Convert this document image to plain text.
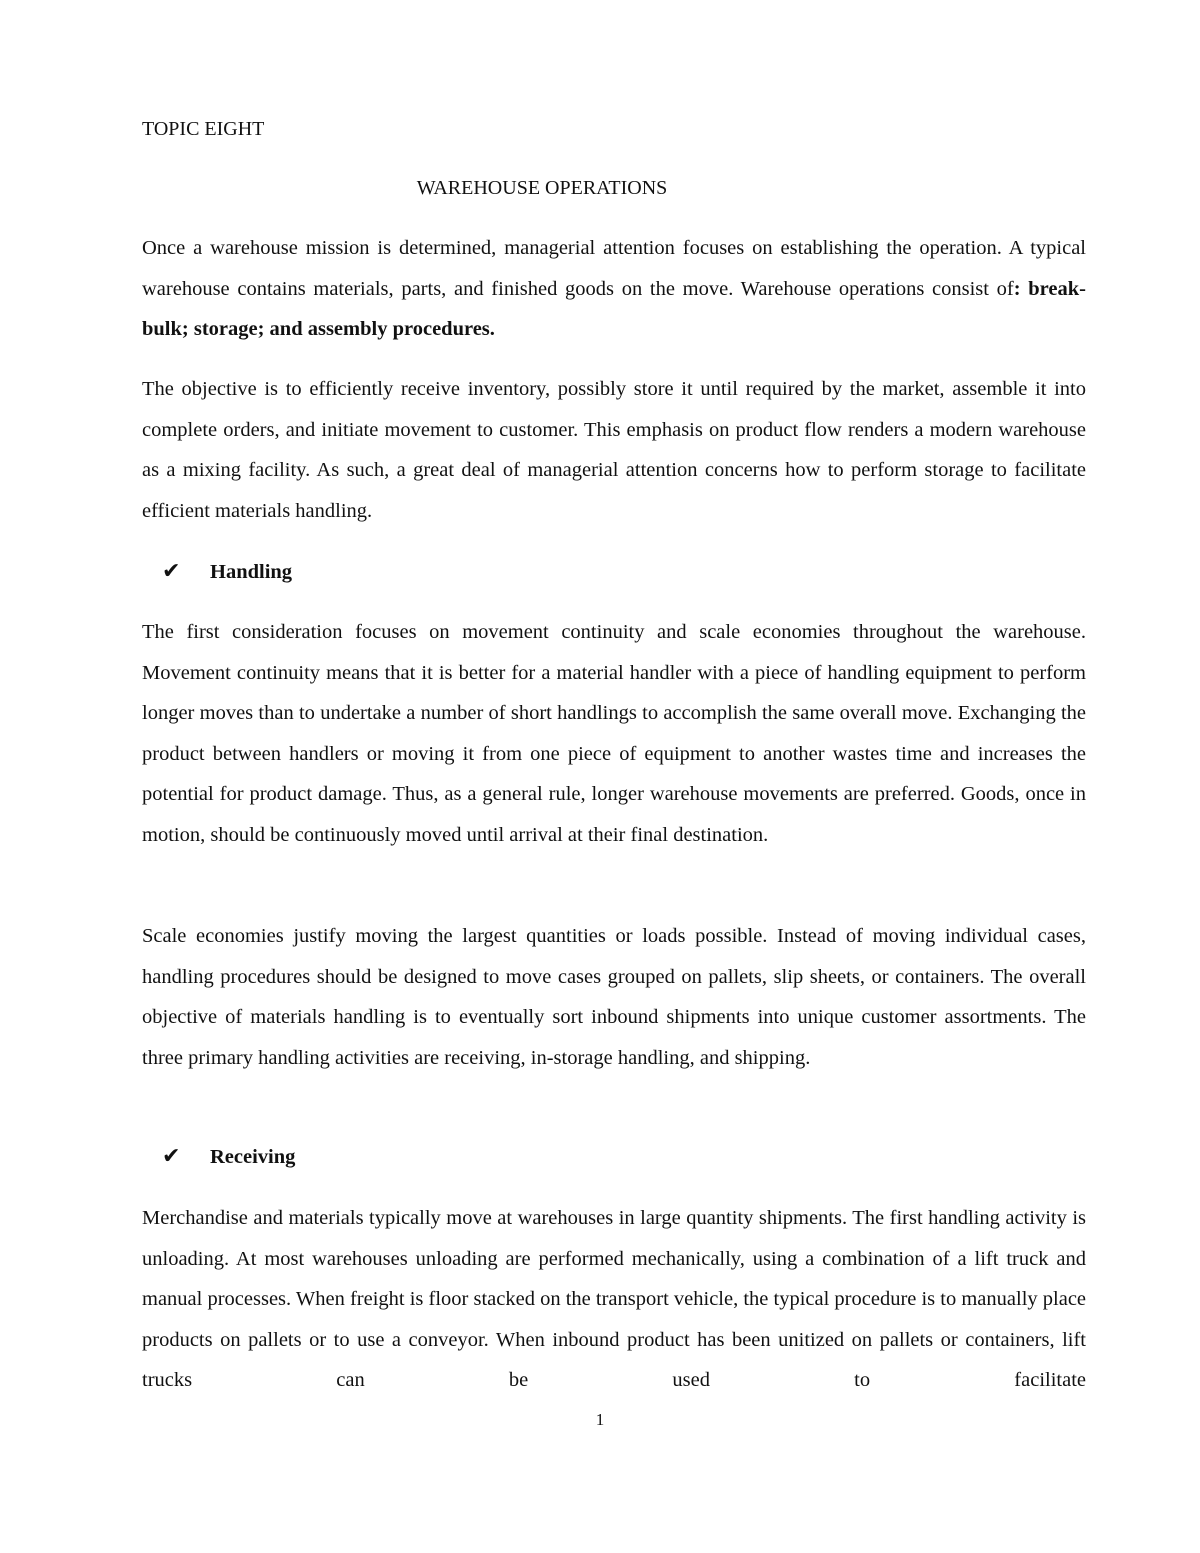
TOPIC EIGHT

WAREHOUSE OPERATIONS

Once a warehouse mission is determined, managerial attention focuses on establishing the operation. A typical warehouse contains materials, parts, and finished goods on the move. Warehouse operations consist of: break-bulk; storage; and assembly procedures.

The objective is to efficiently receive inventory, possibly store it until required by the market, assemble it into complete orders, and initiate movement to customer. This emphasis on product flow renders a modern warehouse as a mixing facility. As such, a great deal of managerial attention concerns how to perform storage to facilitate efficient materials handling.

✔ Handling

The first consideration focuses on movement continuity and scale economies throughout the warehouse. Movement continuity means that it is better for a material handler with a piece of handling equipment to perform longer moves than to undertake a number of short handlings to accomplish the same overall move. Exchanging the product between handlers or moving it from one piece of equipment to another wastes time and increases the potential for product damage. Thus, as a general rule, longer warehouse movements are preferred. Goods, once in motion, should be continuously moved until arrival at their final destination.

Scale economies justify moving the largest quantities or loads possible. Instead of moving individual cases, handling procedures should be designed to move cases grouped on pallets, slip sheets, or containers. The overall objective of materials handling is to eventually sort inbound shipments into unique customer assortments. The three primary handling activities are receiving, in-storage handling, and shipping.

✔ Receiving

Merchandise and materials typically move at warehouses in large quantity shipments. The first handling activity is unloading. At most warehouses unloading are performed mechanically, using a combination of a lift truck and manual processes. When freight is floor stacked on the transport vehicle, the typical procedure is to manually place products on pallets or to use a conveyor. When inbound product has been unitized on pallets or containers, lift trucks can be used to facilitate

1
